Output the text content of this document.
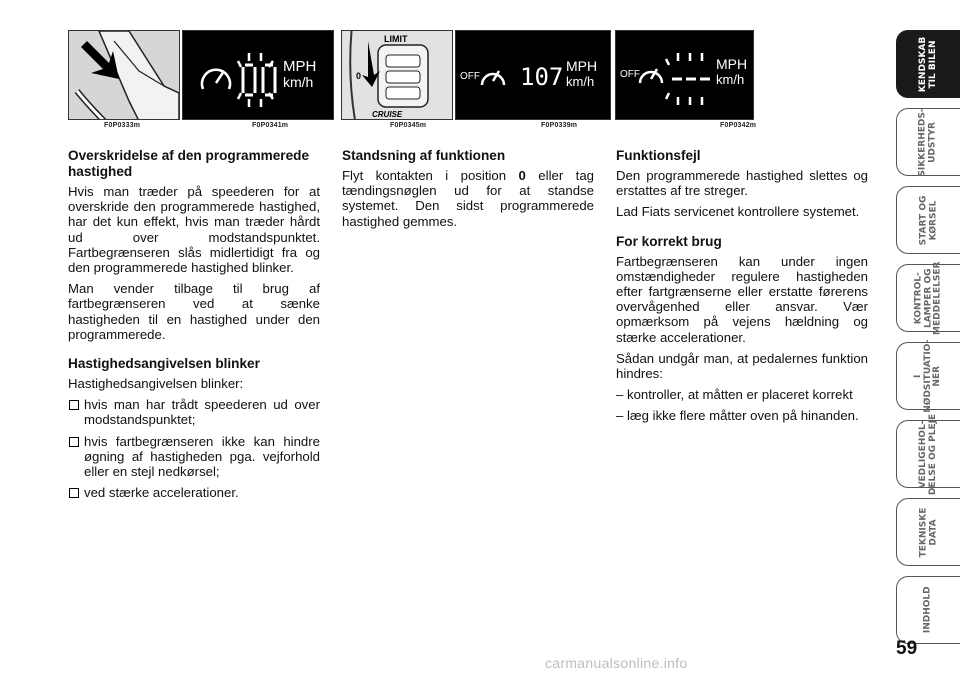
F0P0333m
MPH
km/h
F0P0341m
LIMIT
0
CRUISE
F0P0345m
OFF 107 MPH
km/h
F0P0339m
OFF
MPH
km/h
F0P0342m
Overskridelse af den programmerede hastighed

Hvis man træder på speederen for at overskride den programmerede hastighed, har det kun effekt, hvis man træder hårdt ud over modstandspunktet. Fartbegrænseren slås midlertidigt fra og den programmerede hastighed blinker.

Man vender tilbage til brug af fartbegrænseren ved at sænke hastigheden til en hastighed under den programmerede.

Hastighedsangivelsen blinker

Hastighedsangivelsen blinker:

hvis man har trådt speederen ud over modstandspunktet;
hvis fartbegrænseren ikke kan hindre øgning af hastigheden pga. vejforhold eller en stejl nedkørsel;
ved stærke accelerationer.
Standsning af funktionen

Flyt kontakten i position 0 eller tag tændingsnøglen ud for at standse systemet. Den sidst programmerede hastighed gemmes.

Funktionsfejl

Den programmerede hastighed slettes og erstattes af tre streger.

Lad Fiats servicenet kontrollere systemet.

For korrekt brug

Fartbegrænseren kan under ingen omstændigheder regulere hastigheden efter fartgrænserne eller erstatte førerens overvågenhed eller ansvar. Vær opmærksom på vejens hældning og stærke accelerationer.

Sådan undgår man, at pedalernes funktion hindres:

– kontroller, at måtten er placeret korrekt

– læg ikke flere måtter oven på hinanden.

KENDSKAB
TIL BILEN
SIKKERHEDS-
UDSTYR
START OG
KØRSEL
KONTROL-
LAMPER OG
MEDDELELSER
I
NØDSITUATIO-
NER
VEDLIGEHOL-
DELSE OG PLEJE
TEKNISKE
DATA
INDHOLD
59
carmanualsonline.info
